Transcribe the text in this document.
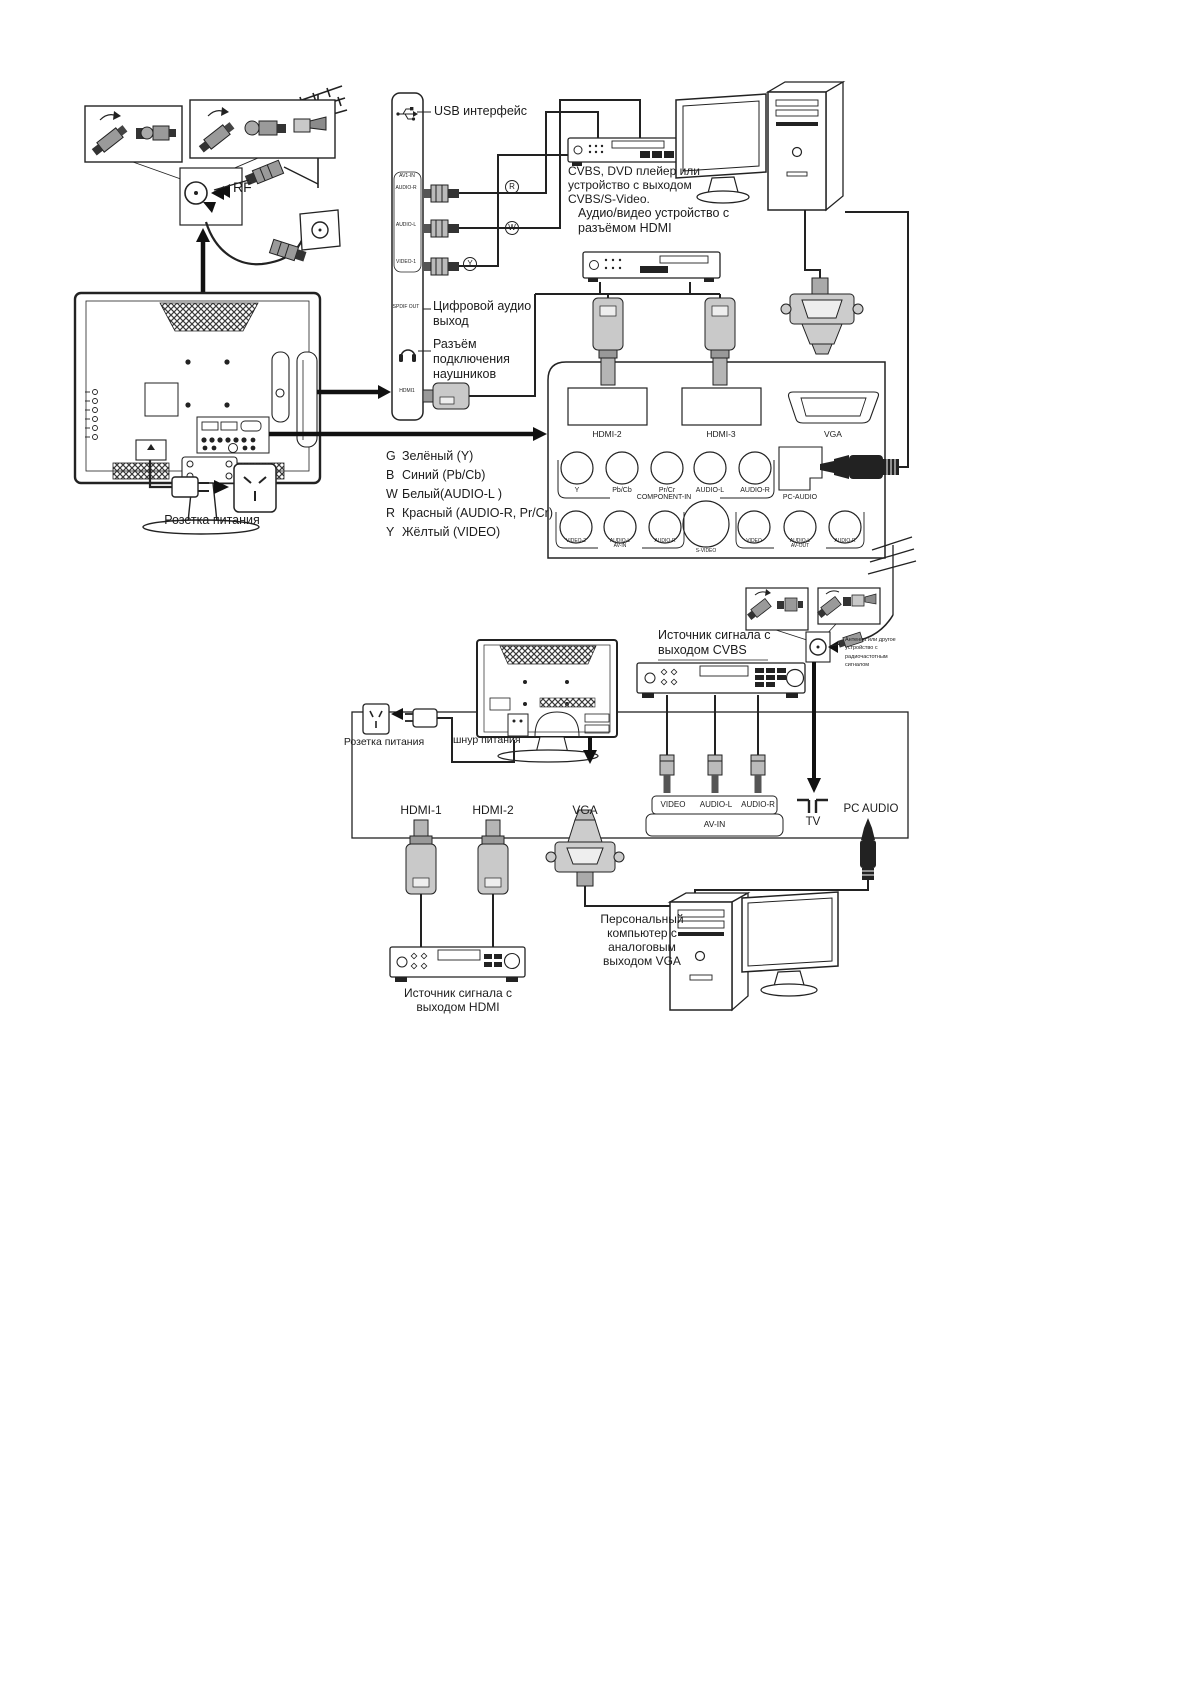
RF
USB интерфейс
AV1-IN
AUDIO-R
AUDIO-L
VIDEO-1
SPDIF OUT
HDMI1
R
W
Y
Цифровой аудио выход
Разъём подключения наушников
CVBS, DVD плейер или устройство с выходом CVBS/S-Video.
Аудио/видео устройство с разъёмом HDMI
Розетка питания
G Зелёный (Y)
B Синий (Pb/Cb)
W Белый(AUDIO-L )
R Красный (AUDIO-R, Pr/Cr)
Y Жёлтый (VIDEO)
HDMI-2	HDMI-3	VGA
Y	Pb/Cb	Pr/Cr	AUDIO-L	AUDIO-R
COMPONENT-IN	PC-AUDIO
VIDEO-2	AUDIO-L	AUDIO-R	VIDEO	AUDIO-L	AUDIO-R
S-VIDEO
AV-IN	AV-OUT
Розетка питания	шнур питания
Источник сигнала с выходом CVBS
Антенна или другое устройство с радиочастотным сигналом
HDMI-1	HDMI-2	VGA	VIDEO	AUDIO-L	AUDIO-R
AV-IN	TV
PC AUDIO
Персональный компьютер с аналоговым выходом VGA
Источник сигнала с выходом HDMI
